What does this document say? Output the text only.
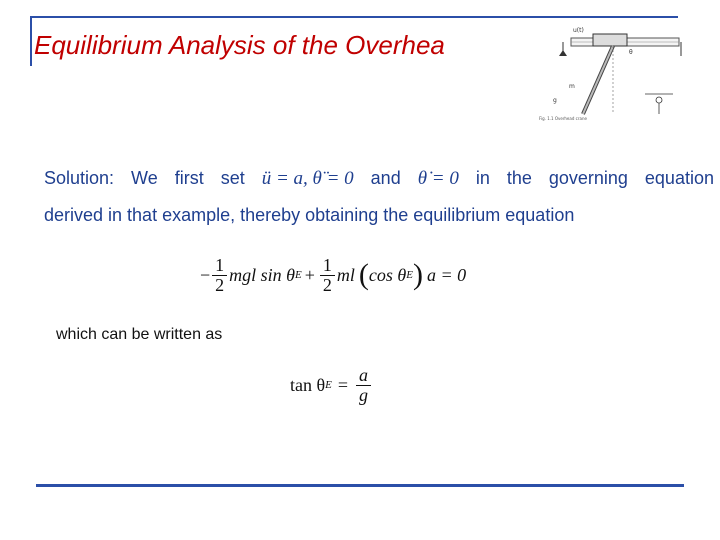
Equilibrium Analysis of the Overhea	u(t)
θ
m
g
Fig. 1.1 Overhead crane
Solution: We first set ü = a, θ̈ = 0 and θ̇ = 0 in the governing equation
derived in that example, thereby obtaining the equilibrium equation
− $\frac{1}{2}$ mgl sin θ $E + \frac{1}{2}$ ml ( cos θ E ) a = 0
which can be written as
tan θ $E = \frac{a}{g}$
